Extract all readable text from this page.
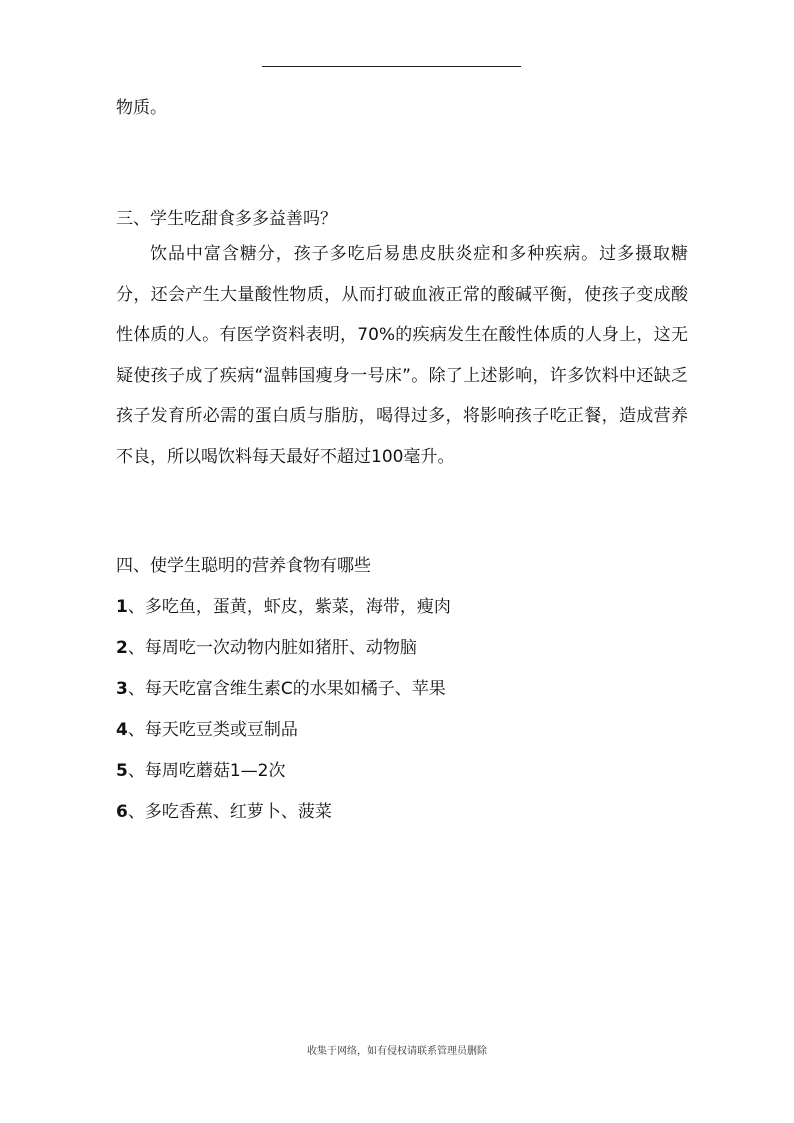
物质。
三、学生吃甜食多多益善吗？

饮品中富含糖分，孩子多吃后易患皮肤炎症和多种疾病。过多摄取糖分，还会产生大量酸性物质，从而打破血液正常的酸碱平衡，使孩子变成酸性体质的人。有医学资料表明，70%的疾病发生在酸性体质的人身上，这无疑使孩子成了疾病“温韩国瘦身一号床”。除了上述影响，许多饮料中还缺乏孩子发育所必需的蛋白质与脂肪，喝得过多，将影响孩子吃正餐，造成营养不良，所以喝饮料每天最好不超过100毫升。

四、使学生聪明的营养食物有哪些
1、多吃鱼，蛋黄，虾皮，紫菜，海带，瘦肉
2、每周吃一次动物内脏如猪肝、动物脑
3、每天吃富含维生素C的水果如橘子、苹果
4、每天吃豆类或豆制品
5、每周吃蘑菇1—2次
6、多吃香蕉、红萝卜、菠菜
收集于网络，如有侵权请联系管理员删除
